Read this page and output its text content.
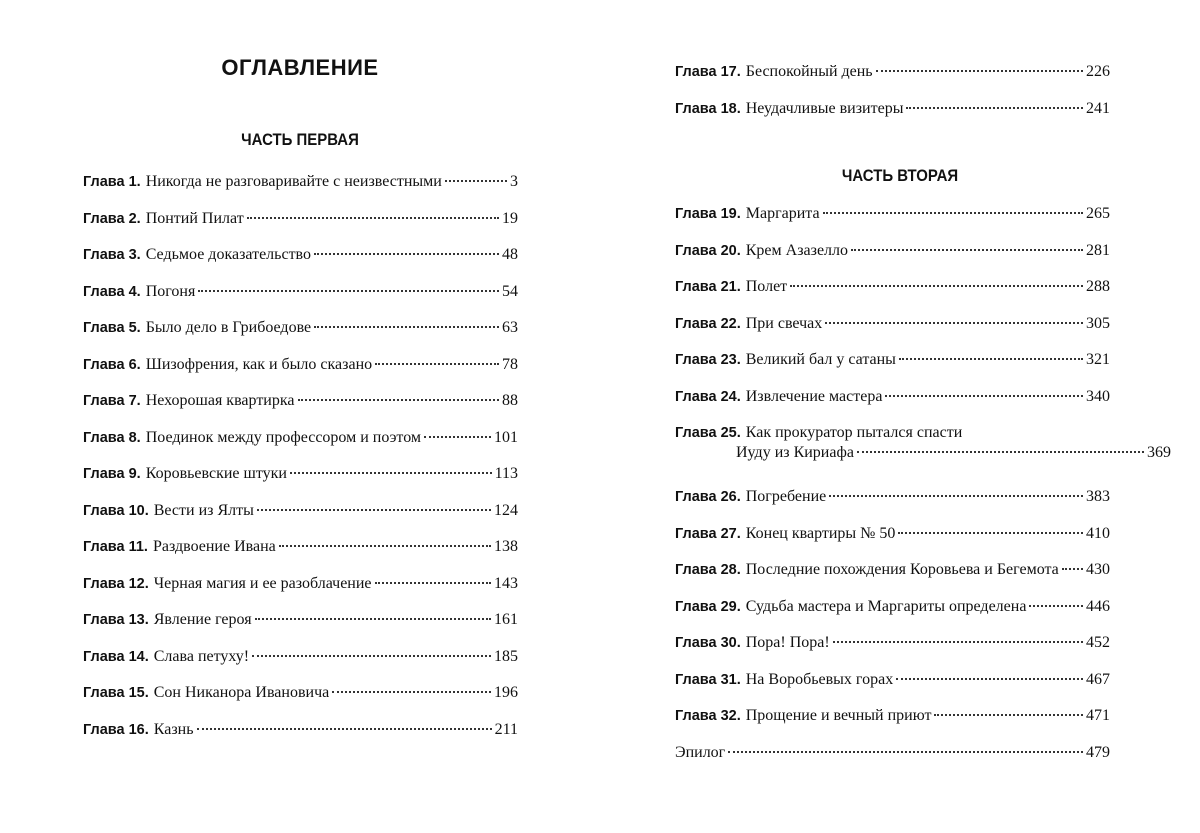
ОГЛАВЛЕНИЕ
ЧАСТЬ ПЕРВАЯ
Глава 1. Никогда не разговаривайте с неизвестными	3
Глава 2. Понтий Пилат	19
Глава 3. Седьмое доказательство	48
Глава 4. Погоня	54
Глава 5. Было дело в Грибоедове	63
Глава 6. Шизофрения, как и было сказано	78
Глава 7. Нехорошая квартирка	88
Глава 8. Поединок между профессором и поэтом	101
Глава 9. Коровьевские штуки	113
Глава 10. Вести из Ялты	124
Глава 11. Раздвоение Ивана	138
Глава 12. Черная магия и ее разоблачение	143
Глава 13. Явление героя	161
Глава 14. Слава петуху!	185
Глава 15. Сон Никанора Ивановича	196
Глава 16. Казнь	211
Глава 17. Беспокойный день	226
Глава 18. Неудачливые визитеры	241
ЧАСТЬ ВТОРАЯ
Глава 19. Маргарита	265
Глава 20. Крем Азазелло	281
Глава 21. Полет	288
Глава 22. При свечах	305
Глава 23. Великий бал у сатаны	321
Глава 24. Извлечение мастера	340
Глава 25. Как прокуратор пытался спасти
Иуду из Кириафа	369
Глава 26. Погребение	383
Глава 27. Конец квартиры № 50	410
Глава 28. Последние похождения Коровьева и Бегемота 430
Глава 29. Судьба мастера и Маргариты определена	446
Глава 30. Пора! Пора!	452
Глава 31. На Воробьевых горах	467
Глава 32. Прощение и вечный приют	471
Эпилог	479
